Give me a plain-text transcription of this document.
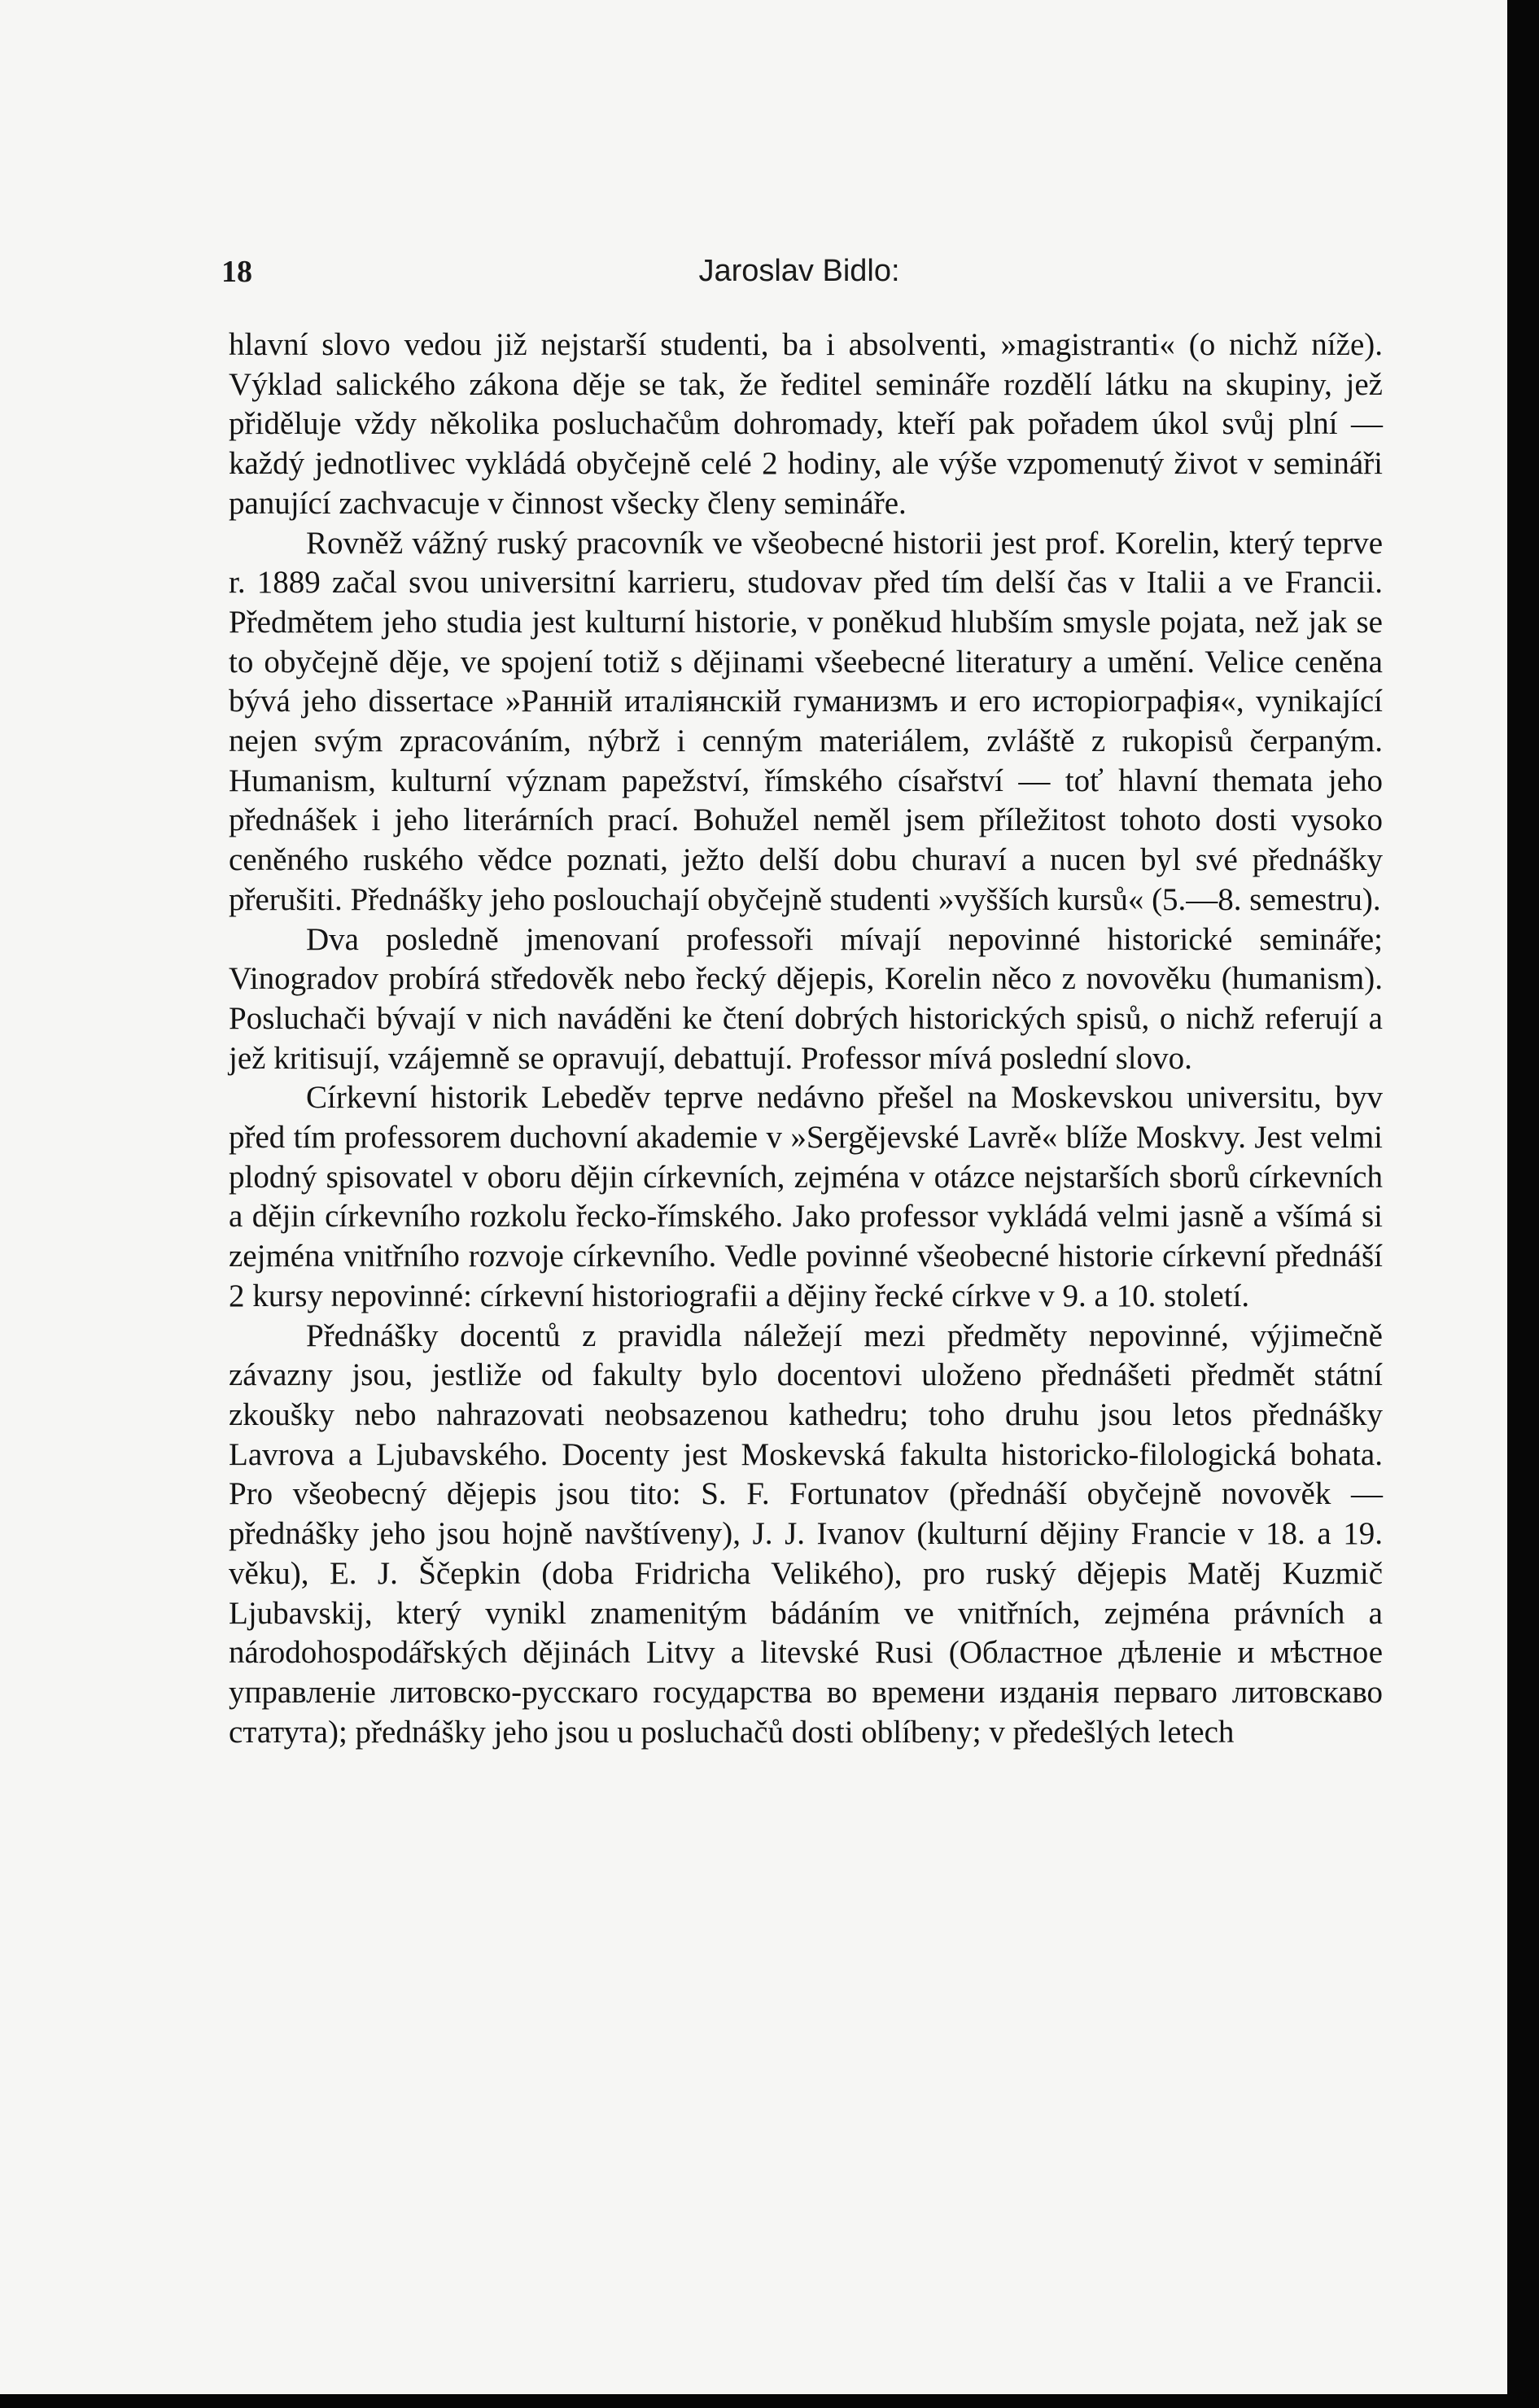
18	Jaroslav Bidlo:

hlavní slovo vedou již nejstarší studenti, ba i absolventi, »magistranti« (o nichž níže). Výklad salického zákona děje se tak, že ředitel semináře rozdělí látku na skupiny, jež přiděluje vždy několika posluchačům dohromady, kteří pak pořadem úkol svůj plní — každý jednotlivec vykládá obyčejně celé 2 hodiny, ale výše vzpomenutý život v semináři panující zachvacuje v činnost všecky členy semináře.

Rovněž vážný ruský pracovník ve všeobecné historii jest prof. Korelin, který teprve r. 1889 začal svou universitní karrieru, studovav před tím delší čas v Italii a ve Francii. Předmětem jeho studia jest kulturní historie, v poněkud hlubším smysle pojata, než jak se to obyčejně děje, ve spojení totiž s dějinami všeebecné literatury a umění. Velice ceněna bývá jeho dissertace »Ранній италіянскій гуманизмъ и его исторіографія«, vynikající nejen svým zpracováním, nýbrž i cenným materiálem, zvláště z rukopisů čerpaným. Humanism, kulturní význam papežství, římského císařství — toť hlavní themata jeho přednášek i jeho literárních prací. Bohužel neměl jsem příležitost tohoto dosti vysoko ceněného ruského vědce poznati, ježto delší dobu churaví a nucen byl své přednášky přerušiti. Přednášky jeho poslouchají obyčejně studenti »vyšších kursů« (5.—8. semestru).

Dva posledně jmenovaní professoři mívají nepovinné historické semináře; Vinogradov probírá středověk nebo řecký dějepis, Korelin něco z novověku (humanism). Posluchači bývají v nich naváděni ke čtení dobrých historických spisů, o nichž referují a jež kritisují, vzájemně se opravují, debattují. Professor mívá poslední slovo.

Církevní historik Lebeděv teprve nedávno přešel na Moskevskou universitu, byv před tím professorem duchovní akademie v »Sergějevské Lavrě« blíže Moskvy. Jest velmi plodný spisovatel v oboru dějin církevních, zejména v otázce nejstarších sborů církevních a dějin církevního rozkolu řecko-římského. Jako professor vykládá velmi jasně a všímá si zejména vnitřního rozvoje církevního. Vedle povinné všeobecné historie církevní přednáší 2 kursy nepovinné: církevní historiografii a dějiny řecké církve v 9. a 10. století.

Přednášky docentů z pravidla náležejí mezi předměty nepovinné, výjimečně závazny jsou, jestliže od fakulty bylo docentovi uloženo přednášeti předmět státní zkoušky nebo nahrazovati neobsazenou kathedru; toho druhu jsou letos přednášky Lavrova a Ljubavského. Docenty jest Moskevská fakulta historicko-filologická bohata. Pro všeobecný dějepis jsou tito: S. F. Fortunatov (přednáší obyčejně novověk — přednášky jeho jsou hojně navštíveny), J. J. Ivanov (kulturní dějiny Francie v 18. a 19. věku), E. J. Ščepkin (doba Fridricha Velikého), pro ruský dějepis Matěj Kuzmič Ljubavskij, který vynikl znamenitým bádáním ve vnitřních, zejména právních a národohospodářských dějinách Litvy a litevské Rusi (Областное дѣленіе и мѣстное управленіе литовско-русскаго государства во времени изданія перваго литовскаво статута); přednášky jeho jsou u posluchačů dosti oblíbeny; v předešlých letech
